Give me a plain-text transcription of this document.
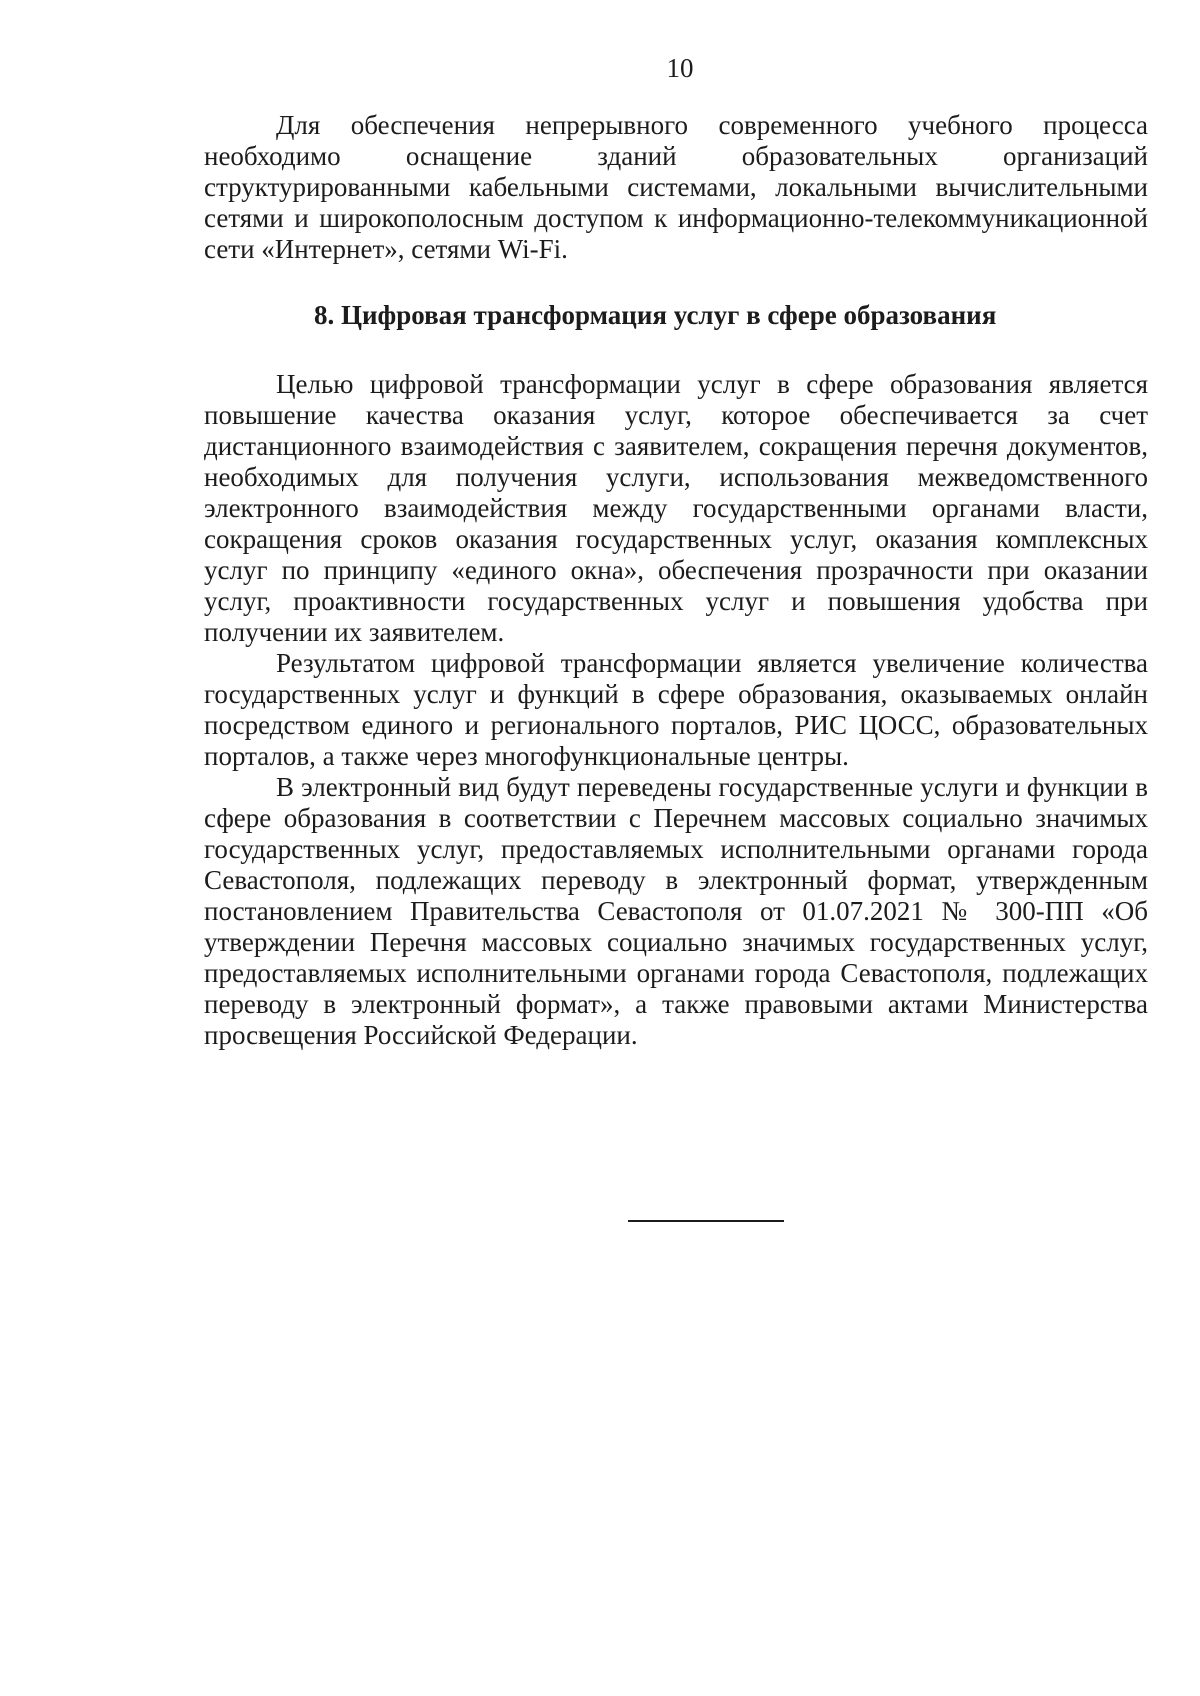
10

Для обеспечения непрерывного современного учебного процесса необходимо оснащение зданий образовательных организаций структурированными кабельными системами, локальными вычислительными сетями и широкополосным доступом к информационно-телекоммуникационной сети «Интернет», сетями Wi-Fi.

8. Цифровая трансформация услуг в сфере образования

Целью цифровой трансформации услуг в сфере образования является повышение качества оказания услуг, которое обеспечивается за счет дистанционного взаимодействия с заявителем, сокращения перечня документов, необходимых для получения услуги, использования межведомственного электронного взаимодействия между государственными органами власти, сокращения сроков оказания государственных услуг, оказания комплексных услуг по принципу «единого окна», обеспечения прозрачности при оказании услуг, проактивности государственных услуг и повышения удобства при получении их заявителем.

Результатом цифровой трансформации является увеличение количества государственных услуг и функций в сфере образования, оказываемых онлайн посредством единого и регионального порталов, РИС ЦОСС, образовательных порталов, а также через многофункциональные центры.

В электронный вид будут переведены государственные услуги и функции в сфере образования в соответствии с Перечнем массовых социально значимых государственных услуг, предоставляемых исполнительными органами города Севастополя, подлежащих переводу в электронный формат, утвержденным постановлением Правительства Севастополя от 01.07.2021 № 300-ПП «Об утверждении Перечня массовых социально значимых государственных услуг, предоставляемых исполнительными органами города Севастополя, подлежащих переводу в электронный формат», а также правовыми актами Министерства просвещения Российской Федерации.
